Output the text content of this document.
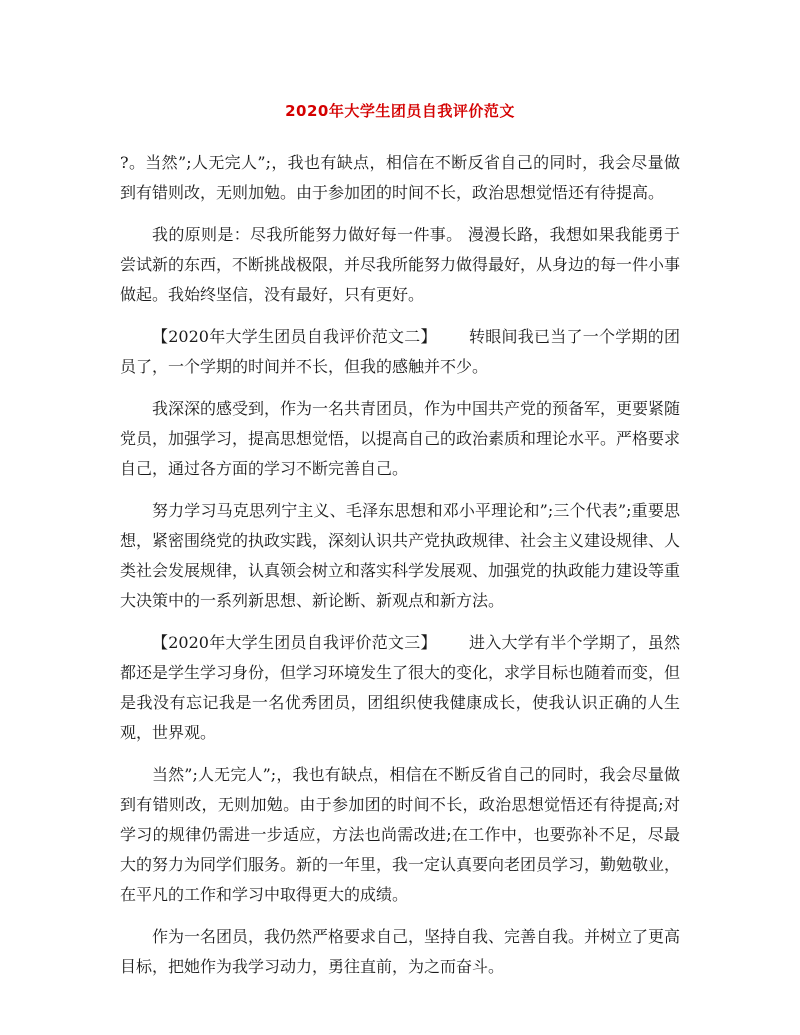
2020年大学生团员自我评价范文

?。当然”;人无完人”;，我也有缺点，相信在不断反省自己的同时，我会尽量做到有错则改，无则加勉。由于参加团的时间不长，政治思想觉悟还有待提高。

我的原则是：尽我所能努力做好每一件事。 漫漫长路，我想如果我能勇于尝试新的东西，不断挑战极限，并尽我所能努力做得最好，从身边的每一件小事做起。我始终坚信，没有最好，只有更好。

【2020年大学生团员自我评价范文二】 转眼间我已当了一个学期的团员了，一个学期的时间并不长，但我的感触并不少。

我深深的感受到，作为一名共青团员，作为中国共产党的预备军，更要紧随党员，加强学习，提高思想觉悟，以提高自己的政治素质和理论水平。严格要求自己，通过各方面的学习不断完善自己。

努力学习马克思列宁主义、毛泽东思想和邓小平理论和”;三个代表”;重要思想，紧密围绕党的执政实践，深刻认识共产党执政规律、社会主义建设规律、人类社会发展规律，认真领会树立和落实科学发展观、加强党的执政能力建设等重大决策中的一系列新思想、新论断、新观点和新方法。

【2020年大学生团员自我评价范文三】 进入大学有半个学期了，虽然都还是学生学习身份，但学习环境发生了很大的变化，求学目标也随着而变，但是我没有忘记我是一名优秀团员，团组织使我健康成长，使我认识正确的人生观，世界观。

当然”;人无完人”;，我也有缺点，相信在不断反省自己的同时，我会尽量做到有错则改，无则加勉。由于参加团的时间不长，政治思想觉悟还有待提高;对学习的规律仍需进一步适应，方法也尚需改进;在工作中，也要弥补不足，尽最大的努力为同学们服务。新的一年里，我一定认真要向老团员学习，勤勉敬业，在平凡的工作和学习中取得更大的成绩。

作为一名团员，我仍然严格要求自己，坚持自我、完善自我。并树立了更高目标，把她作为我学习动力，勇往直前，为之而奋斗。
